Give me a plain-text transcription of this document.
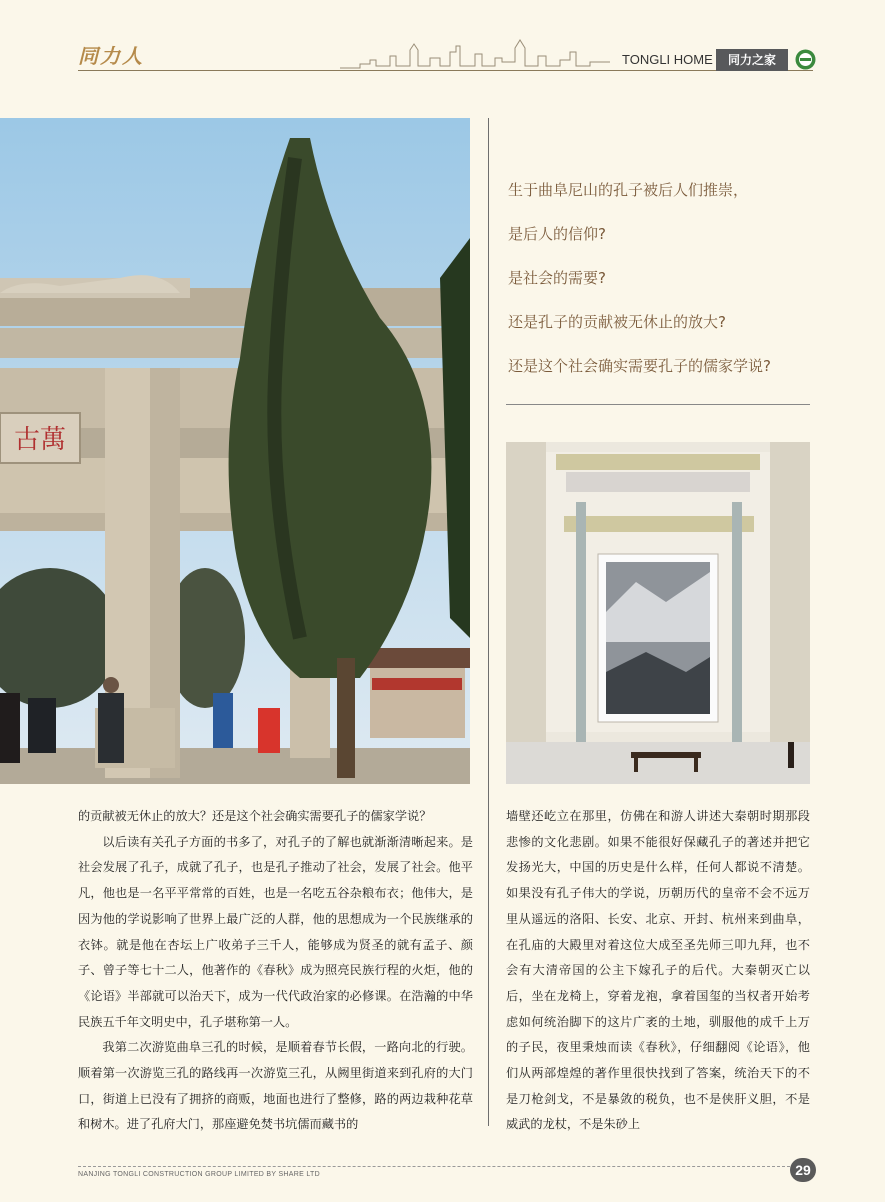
同力人	TONGLI HOME	同力之家
古萬

生于曲阜尼山的孔子被后人们推崇，

是后人的信仰?

是社会的需要?

还是孔子的贡献被无休止的放大?

还是这个社会确实需要孔子的儒家学说?

的贡献被无休止的放大？还是这个社会确实需要孔子的儒家学说？

以后读有关孔子方面的书多了，对孔子的了解也就渐渐清晰起来。是社会发展了孔子，成就了孔子，也是孔子推动了社会，发展了社会。他平凡，他也是一名平平常常的百姓，也是一名吃五谷杂粮布衣；他伟大，是因为他的学说影响了世界上最广泛的人群，他的思想成为一个民族继承的衣钵。就是他在杏坛上广收弟子三千人，能够成为贤圣的就有孟子、颜子、曾子等七十二人，他著作的《春秋》成为照亮民族行程的火炬，他的《论语》半部就可以治天下，成为一代代政治家的必修课。在浩瀚的中华民族五千年文明史中，孔子堪称第一人。

我第二次游览曲阜三孔的时候，是顺着春节长假，一路向北的行驶。顺着第一次游览三孔的路线再一次游览三孔，从阙里街道来到孔府的大门口，街道上已没有了拥挤的商贩，地面也进行了整修，路的两边栽种花草和树木。进了孔府大门，那座避免焚书坑儒而藏书的

墙壁还屹立在那里，仿佛在和游人讲述大秦朝时期那段悲惨的文化悲剧。如果不能很好保藏孔子的著述并把它发扬光大，中国的历史是什么样，任何人都说不清楚。如果没有孔子伟大的学说，历朝历代的皇帝不会不远万里从遥远的洛阳、长安、北京、开封、杭州来到曲阜，在孔庙的大殿里对着这位大成至圣先师三叩九拜，也不会有大清帝国的公主下嫁孔子的后代。大秦朝灭亡以后，坐在龙椅上，穿着龙袍，拿着国玺的当权者开始考虑如何统治脚下的这片广袤的土地，驯服他的成千上万的子民，夜里秉烛而读《春秋》，仔细翻阅《论语》，他们从两部煌煌的著作里很快找到了答案，统治天下的不是刀枪剑戈，不是暴敛的税负，也不是侠肝义胆，不是威武的龙杖，不是朱砂上

NANJING TONGLI CONSTRUCTION GROUP LIMITED BY SHARE LTD	29
